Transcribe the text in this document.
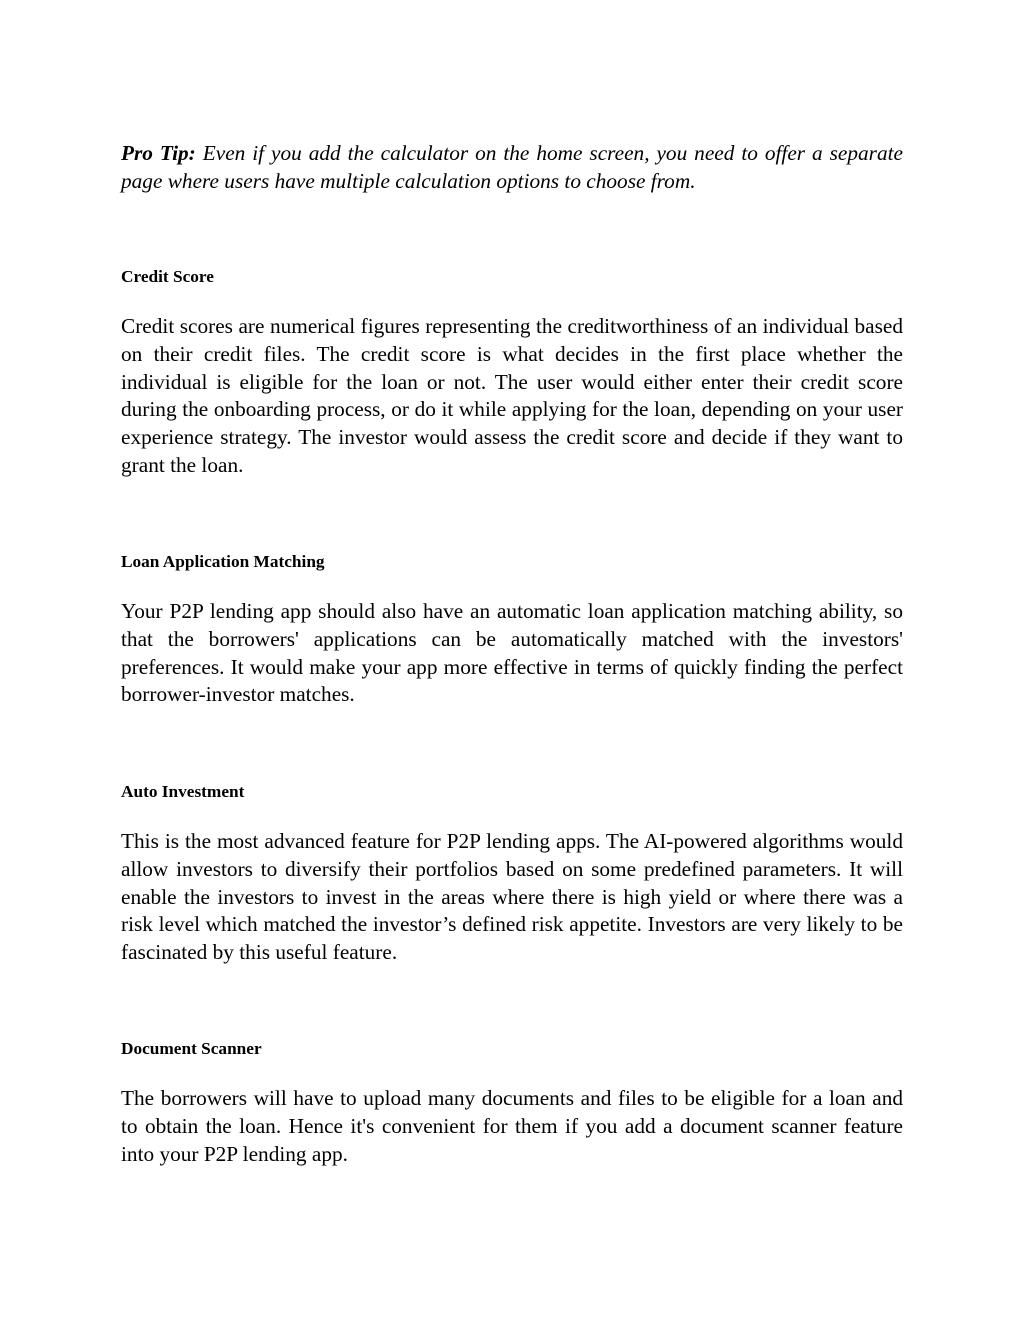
Pro Tip: Even if you add the calculator on the home screen, you need to offer a separate page where users have multiple calculation options to choose from.

Credit Score

Credit scores are numerical figures representing the creditworthiness of an individual based on their credit files. The credit score is what decides in the first place whether the individual is eligible for the loan or not. The user would either enter their credit score during the onboarding process, or do it while applying for the loan, depending on your user experience strategy. The investor would assess the credit score and decide if they want to grant the loan.

Loan Application Matching

Your P2P lending app should also have an automatic loan application matching ability, so that the borrowers' applications can be automatically matched with the investors' preferences. It would make your app more effective in terms of quickly finding the perfect borrower-investor matches.

Auto Investment

This is the most advanced feature for P2P lending apps. The AI-powered algorithms would allow investors to diversify their portfolios based on some predefined parameters. It will enable the investors to invest in the areas where there is high yield or where there was a risk level which matched the investor’s defined risk appetite. Investors are very likely to be fascinated by this useful feature.

Document Scanner

The borrowers will have to upload many documents and files to be eligible for a loan and to obtain the loan. Hence it's convenient for them if you add a document scanner feature into your P2P lending app.
